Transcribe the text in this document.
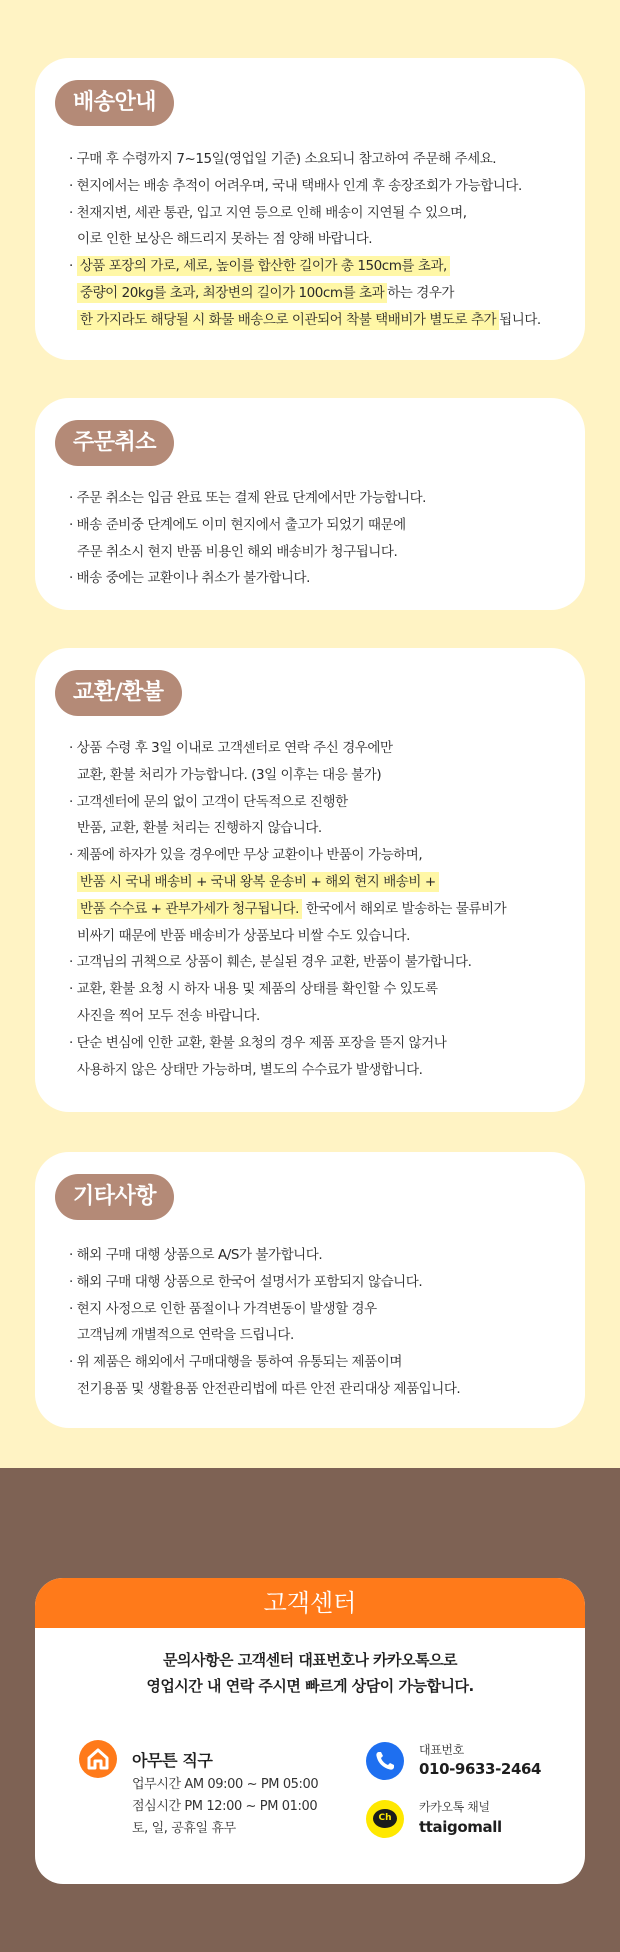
배송안내
· 구매 후 수령까지 7~15일(영업일 기준) 소요되니 참고하여 주문해 주세요.
· 현지에서는 배송 추적이 어려우며, 국내 택배사 인계 후 송장조회가 가능합니다.
· 천재지변, 세관 통관, 입고 지연 등으로 인해 배송이 지연될 수 있으며,
이로 인한 보상은 해드리지 못하는 점 양해 바랍니다.
· 상품 포장의 가로, 세로, 높이를 합산한 길이가 총 150cm를 초과,
중량이 20kg를 초과, 최장변의 길이가 100cm를 초과 하는 경우가
한 가지라도 해당될 시 화물 배송으로 이관되어 착불 택배비가 별도로 추가 됩니다.
주문취소
· 주문 취소는 입금 완료 또는 결제 완료 단계에서만 가능합니다.
· 배송 준비중 단계에도 이미 현지에서 출고가 되었기 때문에
주문 취소시 현지 반품 비용인 해외 배송비가 청구됩니다.
· 배송 중에는 교환이나 취소가 불가합니다.
교환/환불
· 상품 수령 후 3일 이내로 고객센터로 연락 주신 경우에만
교환, 환불 처리가 가능합니다. (3일 이후는 대응 불가)
· 고객센터에 문의 없이 고객이 단독적으로 진행한
반품, 교환, 환불 처리는 진행하지 않습니다.
· 제품에 하자가 있을 경우에만 무상 교환이나 반품이 가능하며,
반품 시 국내 배송비 + 국내 왕복 운송비 + 해외 현지 배송비 +
반품 수수료 + 관부가세가 청구됩니다. 한국에서 해외로 발송하는 물류비가
비싸기 때문에 반품 배송비가 상품보다 비쌀 수도 있습니다.
· 고객님의 귀책으로 상품이 훼손, 분실된 경우 교환, 반품이 불가합니다.
· 교환, 환불 요청 시 하자 내용 및 제품의 상태를 확인할 수 있도록
사진을 찍어 모두 전송 바랍니다.
· 단순 변심에 인한 교환, 환불 요청의 경우 제품 포장을 뜯지 않거나
사용하지 않은 상태만 가능하며, 별도의 수수료가 발생합니다.
기타사항
· 해외 구매 대행 상품으로 A/S가 불가합니다.
· 해외 구매 대행 상품으로 한국어 설명서가 포함되지 않습니다.
· 현지 사정으로 인한 품절이나 가격변동이 발생할 경우
고객님께 개별적으로 연락을 드립니다.
· 위 제품은 해외에서 구매대행을 통하여 유통되는 제품이며
전기용품 및 생활용품 안전관리법에 따른 안전 관리대상 제품입니다.
고객센터
문의사항은 고객센터 대표번호나 카카오톡으로
영업시간 내 연락 주시면 빠르게 상담이 가능합니다.
아무튼 직구
업무시간 AM 09:00 ~ PM 05:00
점심시간 PM 12:00 ~ PM 01:00
토, 일, 공휴일 휴무
대표번호
010-9633-2464
Ch
카카오톡 채널
ttaigomall
